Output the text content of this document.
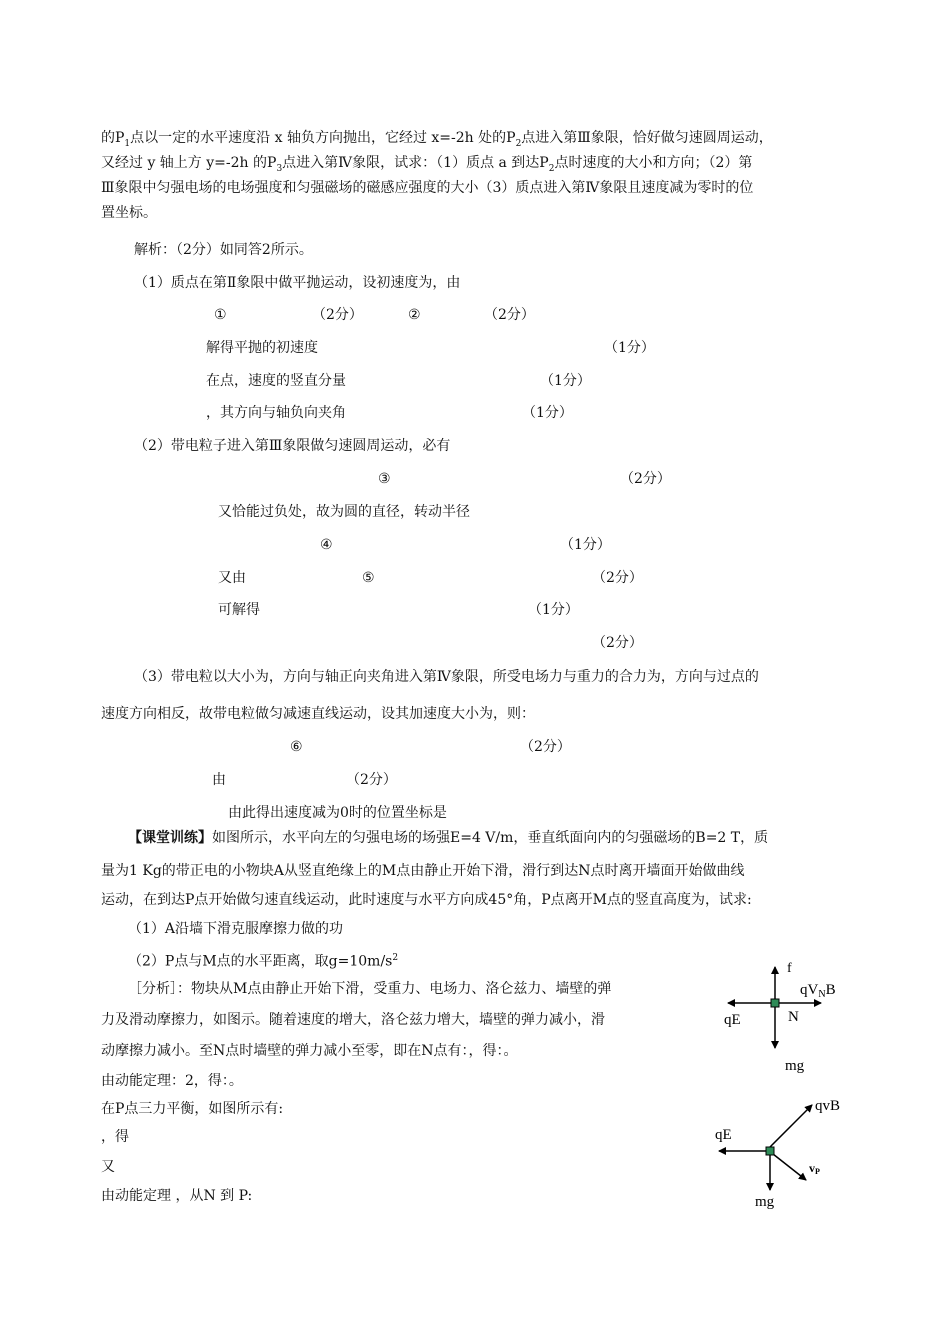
的$P_1$点以一定的水平速度沿 x 轴负方向抛出，它经过 x=-2h 处的$P_2$点进入第Ⅲ象限，恰好做匀速圆周运动，
又经过 y 轴上方 y=-2h 的$P_3$点进入第Ⅳ象限，试求：（1）质点 a 到达$P_2$点时速度的大小和方向；（2）第
Ⅲ象限中匀强电场的电场强度和匀强磁场的磁感应强度的大小（3）质点进入第Ⅳ象限且速度减为零时的位
置坐标。
解析：（2分）如同答2所示。
（1）质点在第Ⅱ象限中做平抛运动，设初速度为，由
①	（2分）	②	（2分）
解得平抛的初速度	（1分）
在点，速度的竖直分量	（1分）
，其方向与轴负向夹角	（1分）
（2）带电粒子进入第Ⅲ象限做匀速圆周运动，必有
③	（2分）
又恰能过负处，故为圆的直径，转动半径
④	（1分）
又由	⑤	（2分）
可解得	（1分）
（2分）
（3）带电粒以大小为，方向与轴正向夹角进入第Ⅳ象限，所受电场力与重力的合力为，方向与过点的
速度方向相反，故带电粒做匀减速直线运动，设其加速度大小为，则：
⑥	（2分）
由	（2分）
由此得出速度减为0时的位置坐标是
【课堂训练】如图所示，水平向左的匀强电场的场强E=4 V/m，垂直纸面向内的匀强磁场的B=2 T，质
量为1 Kg的带正电的小物块A从竖直绝缘上的M点由静止开始下滑，滑行到达N点时离开墙面开始做曲线
运动，在到达P点开始做匀速直线运动，此时速度与水平方向成45°角，P点离开M点的竖直高度为，试求:
（1）A沿墙下滑克服摩擦力做的功
（2）P点与M点的水平距离，取$g=10m/s^2$
［分析］：物块从M点由静止开始下滑，受重力、电场力、洛仑兹力、墙壁的弹
力及滑动摩擦力，如图示。随着速度的增大，洛仑兹力增大，墙壁的弹力减小，滑
动摩擦力减小。至N点时墙壁的弹力减小至零，即在N点有：，得：。
由动能定理：2，得：。
在P点三力平衡，如图所示有:
，得
又
由动能定理 ，从N 到 P:
f
$qV_NB$
qE	N
mg
qvB
qE
vP
mg
